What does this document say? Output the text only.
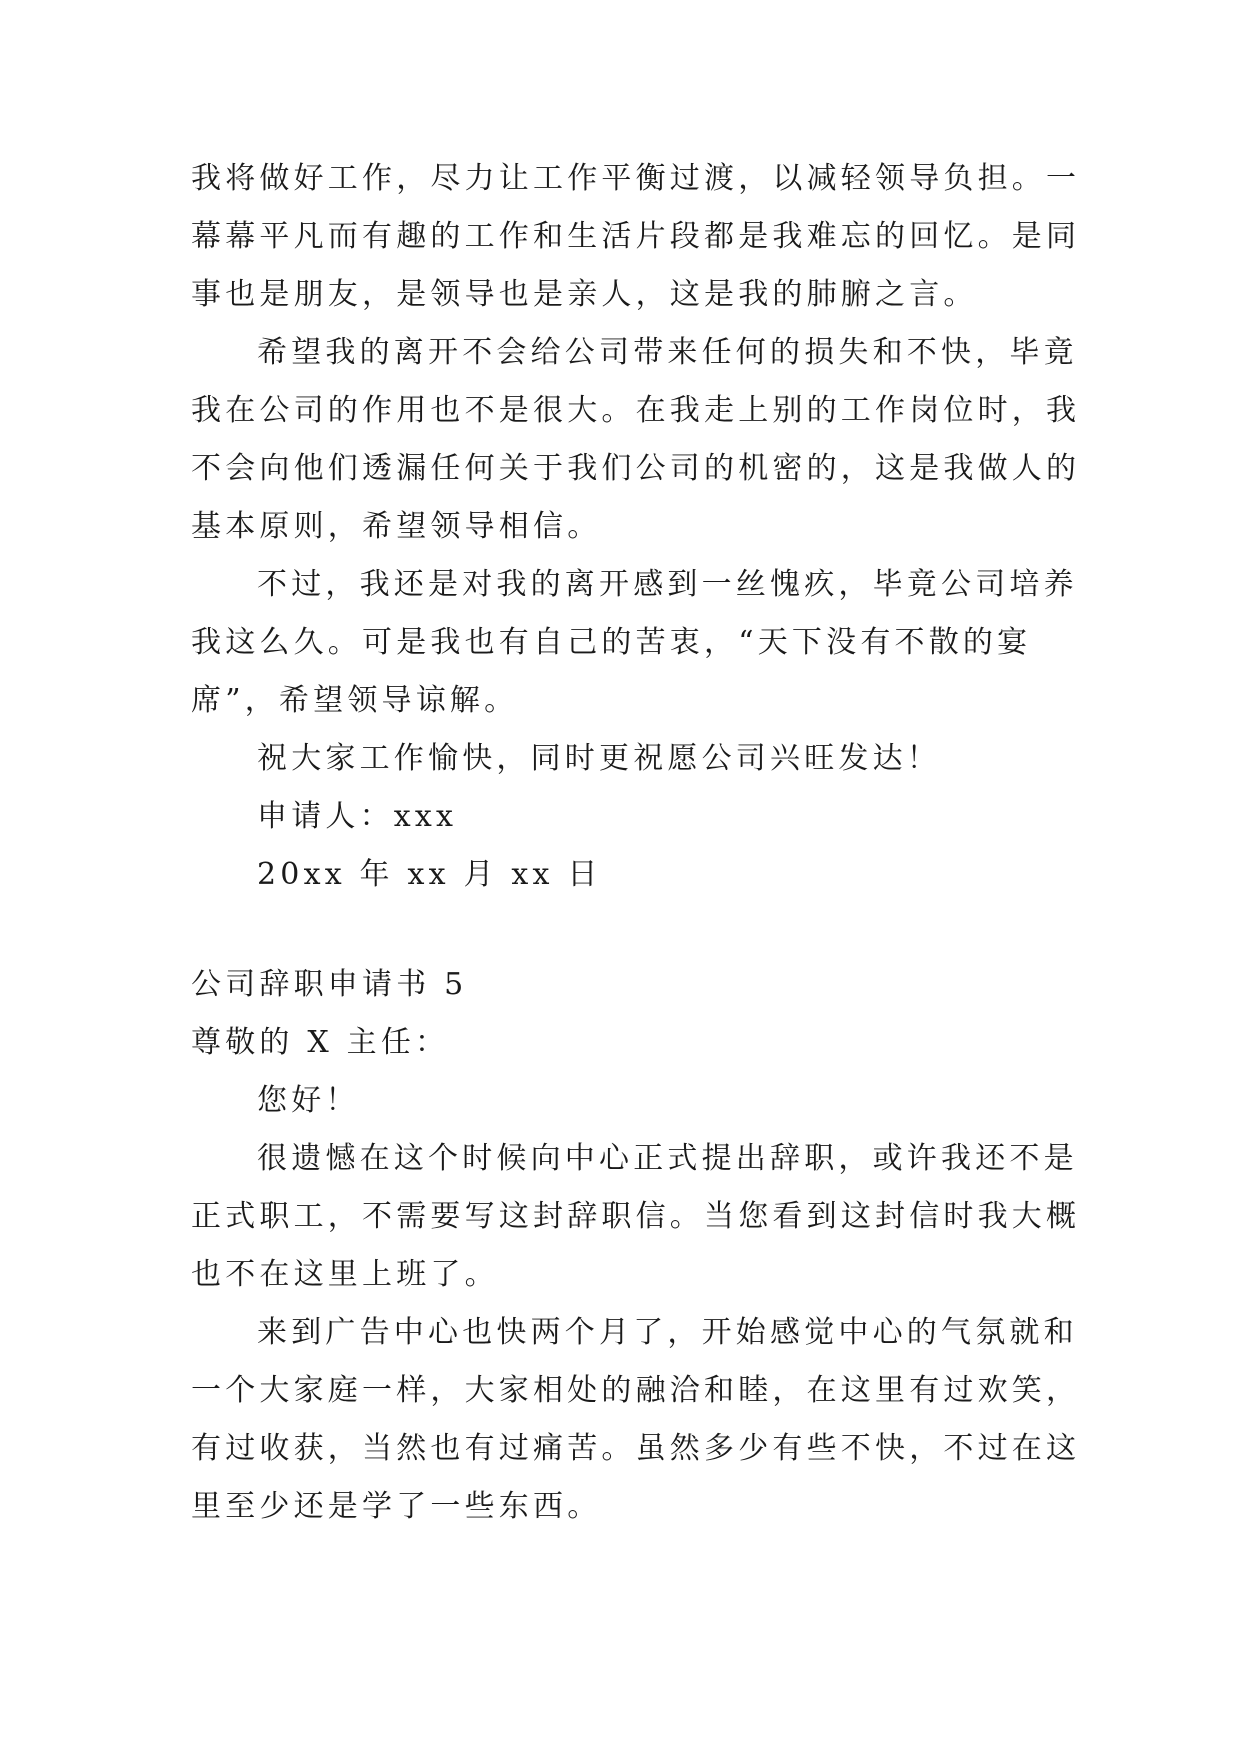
我将做好工作，尽力让工作平衡过渡，以减轻领导负担。一

幕幕平凡而有趣的工作和生活片段都是我难忘的回忆。是同

事也是朋友，是领导也是亲人，这是我的肺腑之言。

希望我的离开不会给公司带来任何的损失和不快，毕竟

我在公司的作用也不是很大。在我走上别的工作岗位时，我

不会向他们透漏任何关于我们公司的机密的，这是我做人的

基本原则，希望领导相信。

不过，我还是对我的离开感到一丝愧疚，毕竟公司培养

我这么久。可是我也有自己的苦衷，“天下没有不散的宴

席”，希望领导谅解。

祝大家工作愉快，同时更祝愿公司兴旺发达！

申请人：xxx

20xx 年 xx 月 xx 日

公司辞职申请书 5

尊敬的 X 主任：

您好！

很遗憾在这个时候向中心正式提出辞职，或许我还不是

正式职工，不需要写这封辞职信。当您看到这封信时我大概

也不在这里上班了。

来到广告中心也快两个月了，开始感觉中心的气氛就和

一个大家庭一样，大家相处的融洽和睦，在这里有过欢笑，

有过收获，当然也有过痛苦。虽然多少有些不快，不过在这

里至少还是学了一些东西。
